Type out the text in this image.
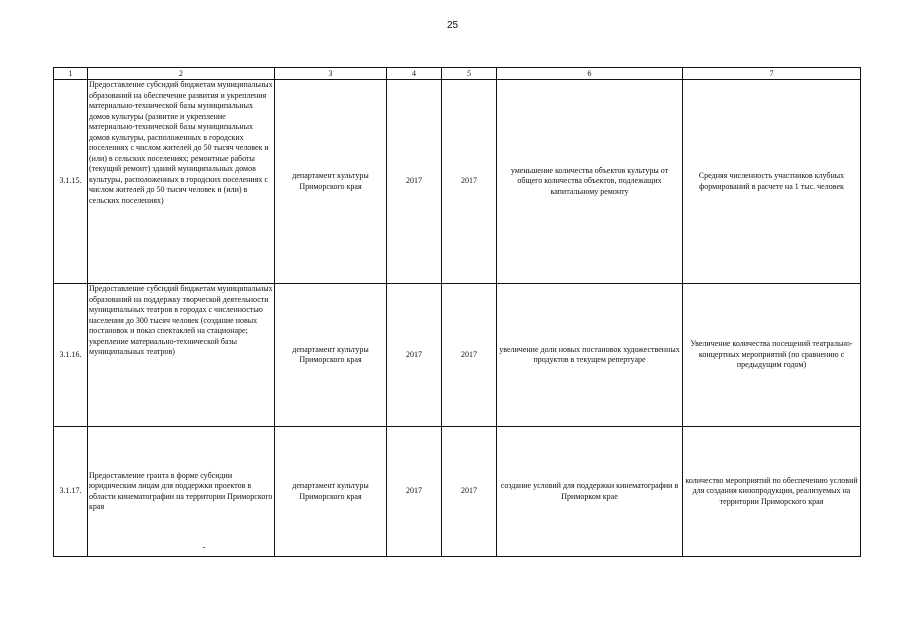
25
1	2	3	4	5	6	7
3.1.15.	Предоставление субсидий бюджетам муниципальных образований на обеспечение развития и укрепления материально-технической базы муниципальных домов культуры (развитие и укрепление материально-технической базы муниципальных домов культуры, расположенных в городских поселениях с числом жителей до 50 тысяч человек и (или) в сельских поселениях; ремонтные работы (текущий ремонт) зданий муниципальных домов культуры, расположенных в городских поселениях с числом жителей до 50 тысяч человек и (или) в сельских поселениях)	департамент культуры Приморского края	2017	2017	уменьшение количества объектов культуры от общего количества объектов, подлежащих капитальному ремонту	Средняя численность участников клубных формирований в расчете на 1 тыс. человек
3.1.16.	Предоставление субсидий бюджетам муниципальных образований на поддержку творческой деятельности муниципальных театров в городах с численностью населения до 300 тысяч человек (создание новых постановок и показ спектаклей на стационаре; укрепление материально-технической базы муниципальных театров)	департамент культуры Приморского края	2017	2017	увеличение доли новых постановок художественных продуктов в текущем репертуаре	Увеличение количества посещений театрально-концертных мероприятий (по сравнению с предыдущим годом)
3.1.17.	Предоставление гранта в форме субсидии юридическим лицам для поддержки проектов в области кинематографии на территории Приморского края	департамент культуры Приморского края	2017	2017	создание условий для поддержки кинематографии в Приморком крае	количество мероприятий по обеспечению условий для создания кинопродукции, реализуемых на территории Приморского края
